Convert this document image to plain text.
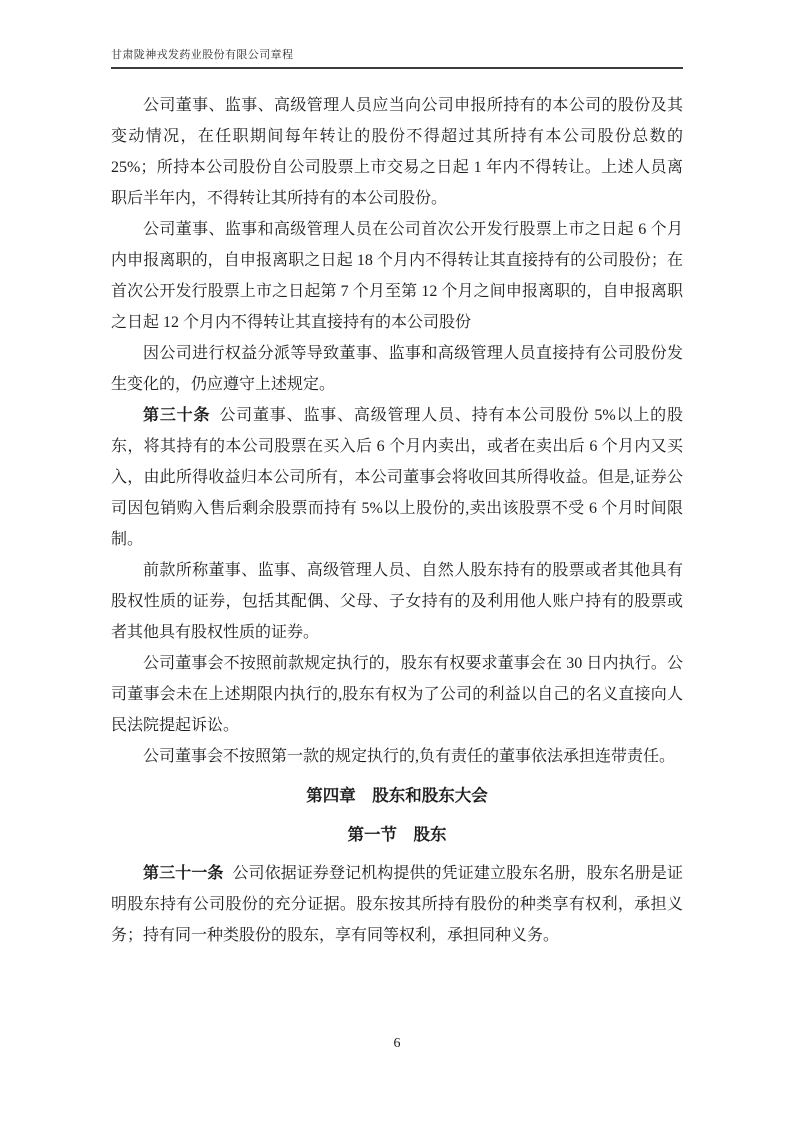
甘肃陇神戎发药业股份有限公司章程

公司董事、监事、高级管理人员应当向公司申报所持有的本公司的股份及其变动情况，在任职期间每年转让的股份不得超过其所持有本公司股份总数的 25%；所持本公司股份自公司股票上市交易之日起 1 年内不得转让。上述人员离职后半年内，不得转让其所持有的本公司股份。

公司董事、监事和高级管理人员在公司首次公开发行股票上市之日起 6 个月内申报离职的，自申报离职之日起 18 个月内不得转让其直接持有的公司股份；在首次公开发行股票上市之日起第 7 个月至第 12 个月之间申报离职的，自申报离职之日起 12 个月内不得转让其直接持有的本公司股份

因公司进行权益分派等导致董事、监事和高级管理人员直接持有公司股份发生变化的，仍应遵守上述规定。

第三十条 公司董事、监事、高级管理人员、持有本公司股份 5%以上的股东，将其持有的本公司股票在买入后 6 个月内卖出，或者在卖出后 6 个月内又买入，由此所得收益归本公司所有，本公司董事会将收回其所得收益。但是,证券公司因包销购入售后剩余股票而持有 5%以上股份的,卖出该股票不受 6 个月时间限制。

前款所称董事、监事、高级管理人员、自然人股东持有的股票或者其他具有股权性质的证券，包括其配偶、父母、子女持有的及利用他人账户持有的股票或者其他具有股权性质的证券。

公司董事会不按照前款规定执行的，股东有权要求董事会在 30 日内执行。公司董事会未在上述期限内执行的,股东有权为了公司的利益以自己的名义直接向人民法院提起诉讼。

公司董事会不按照第一款的规定执行的,负有责任的董事依法承担连带责任。

第四章　股东和股东大会
第一节　股东

第三十一条 公司依据证券登记机构提供的凭证建立股东名册，股东名册是证明股东持有公司股份的充分证据。股东按其所持有股份的种类享有权利，承担义务；持有同一种类股份的股东，享有同等权利，承担同种义务。

6
